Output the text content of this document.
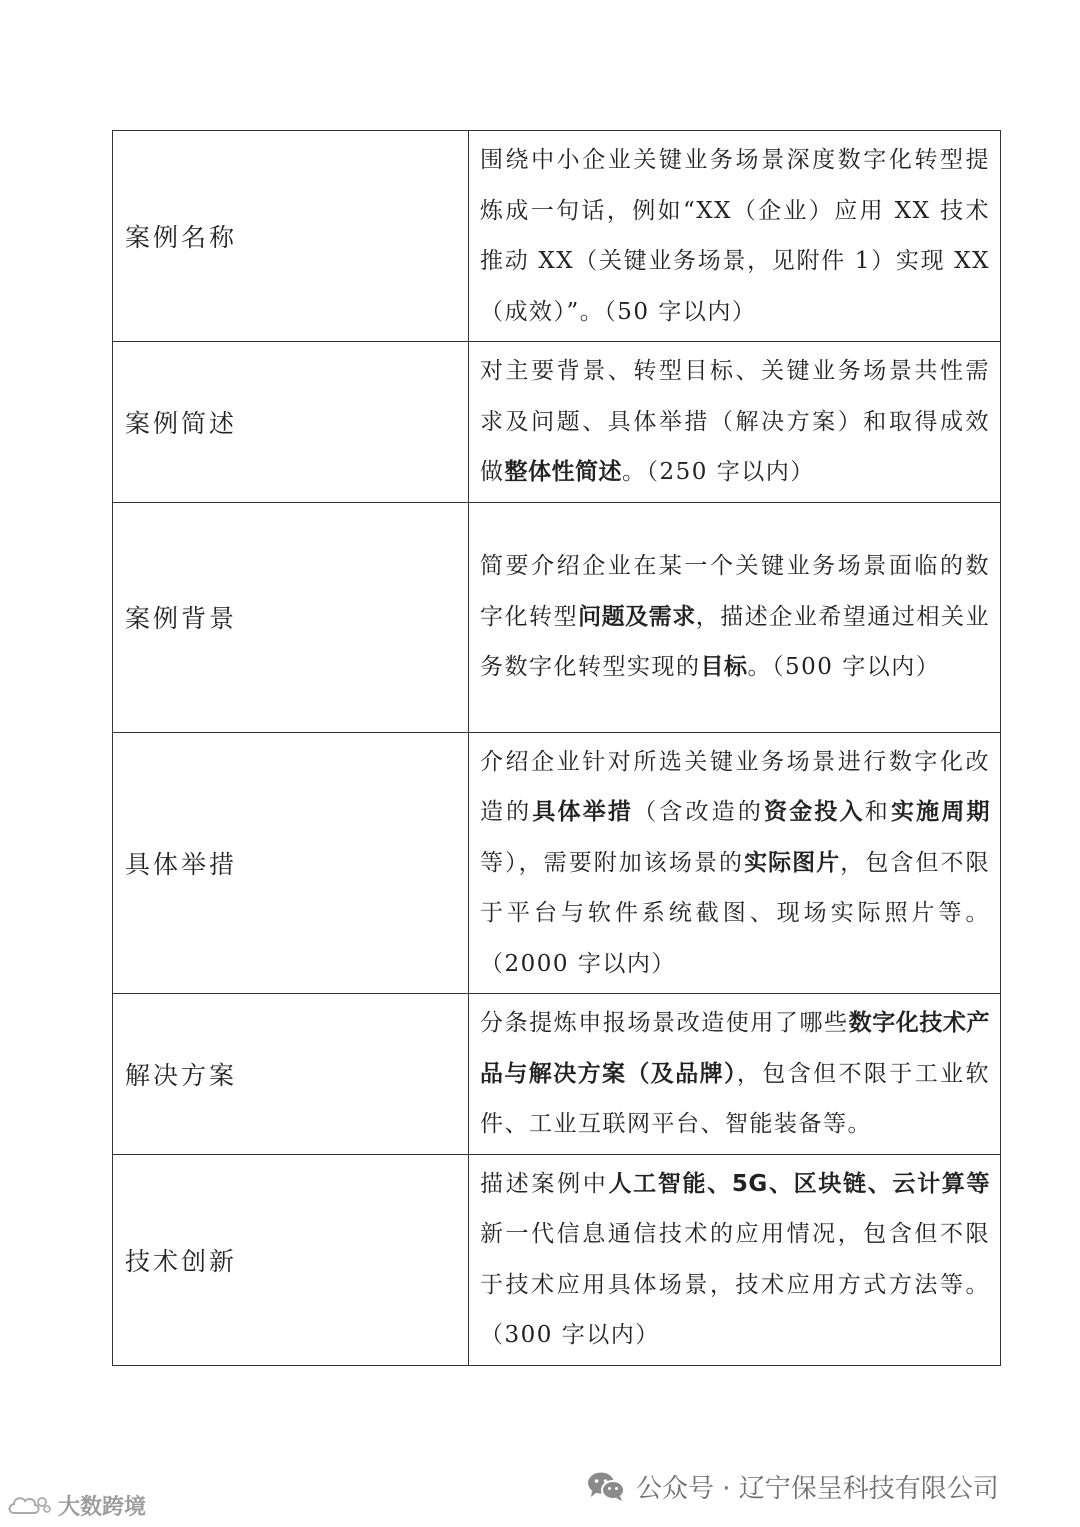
案例名称	围绕中小企业关键业务场景深度数字化转型提炼成一句话，例如“XX（企业）应用 XX 技术推动 XX（关键业务场景，见附件 1）实现 XX（成效）”。（50 字以内）
案例简述	对主要背景、转型目标、关键业务场景共性需求及问题、具体举措（解决方案）和取得成效做整体性简述。（250 字以内）
案例背景	简要介绍企业在某一个关键业务场景面临的数字化转型问题及需求，描述企业希望通过相关业务数字化转型实现的目标。（500 字以内）
具体举措	介绍企业针对所选关键业务场景进行数字化改造的具体举措（含改造的资金投入和实施周期等），需要附加该场景的实际图片，包含但不限于平台与软件系统截图、现场实际照片等。（2000 字以内）
解决方案	分条提炼申报场景改造使用了哪些数字化技术产品与解决方案（及品牌），包含但不限于工业软件、工业互联网平台、智能装备等。
技术创新	描述案例中人工智能、5G、区块链、云计算等新一代信息通信技术的应用情况，包含但不限于技术应用具体场景，技术应用方式方法等。（300 字以内）
公众号 · 辽宁保呈科技有限公司
大数跨境
